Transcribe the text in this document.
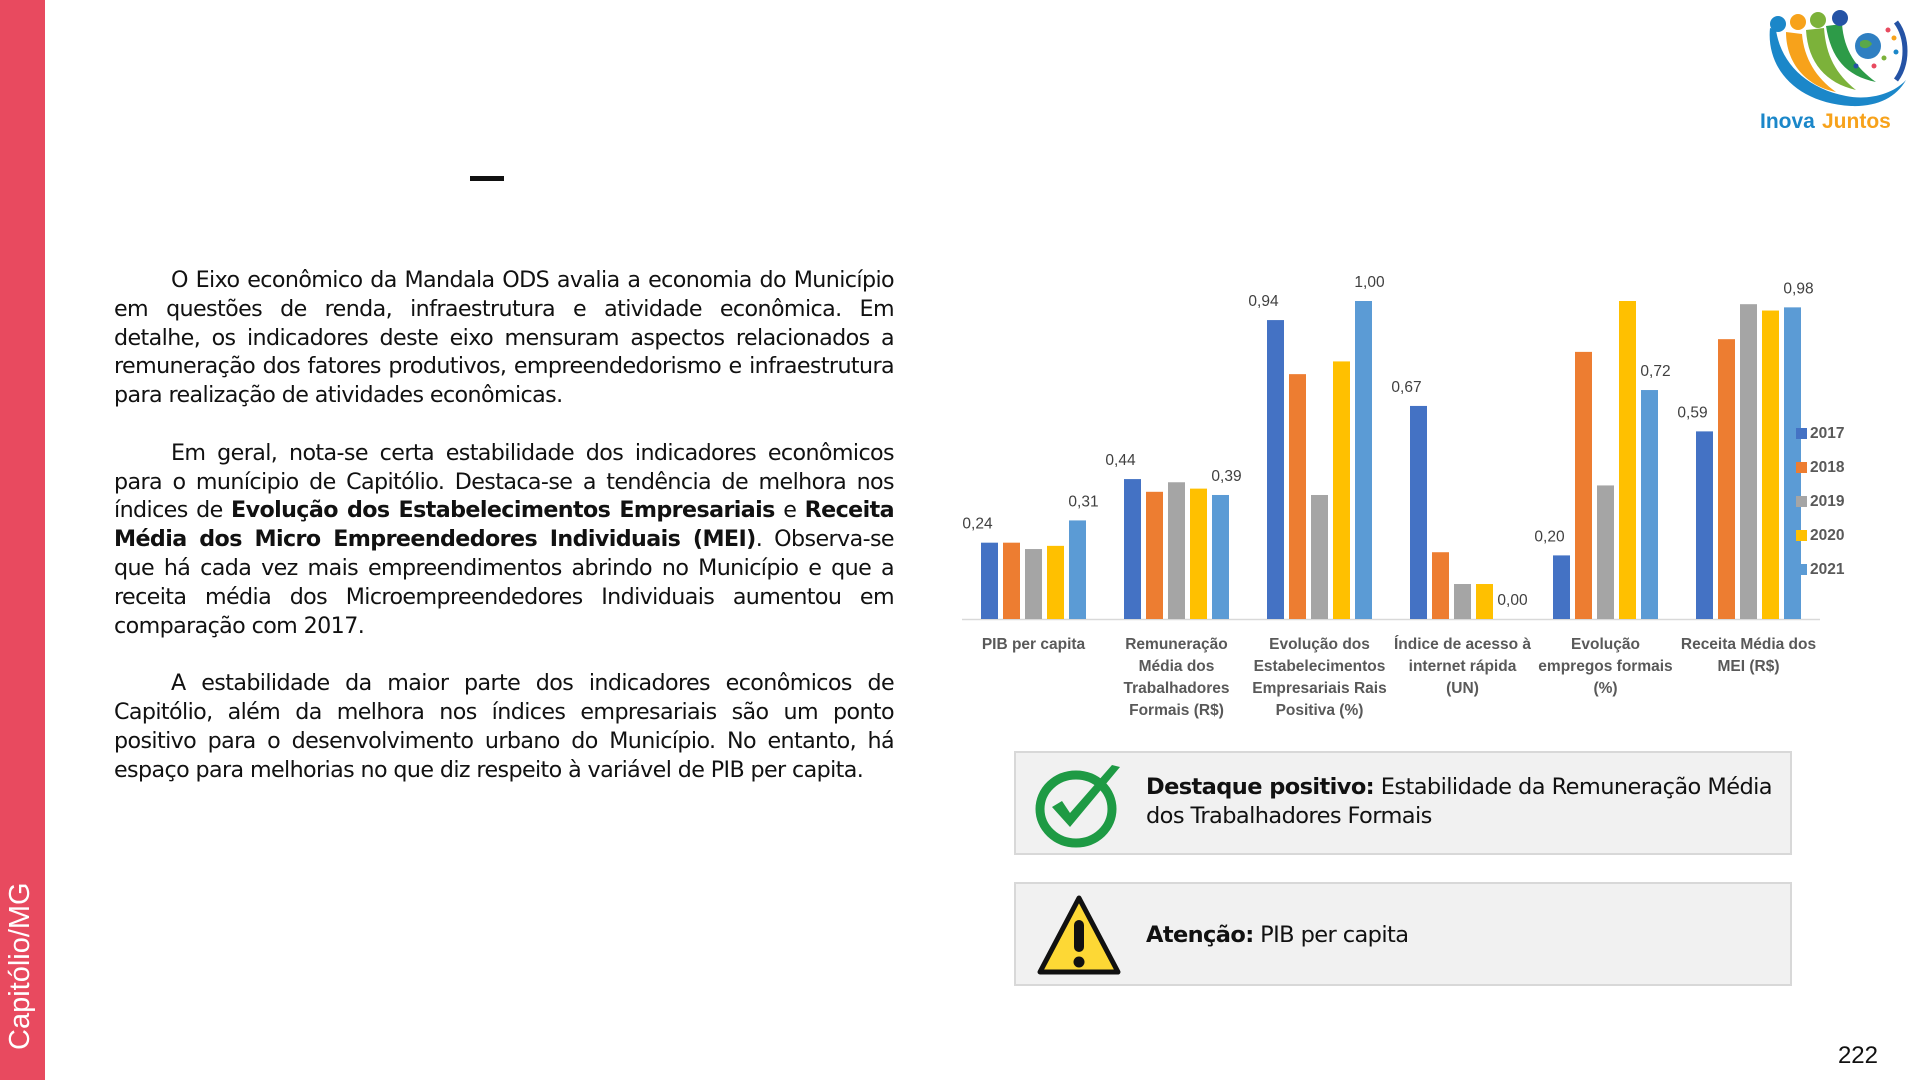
Capitólio/MG
Inova Juntos

O Eixo econômico da Mandala ODS avalia a economia do Município em questões de renda, infraestrutura e atividade econômica. Em detalhe, os indicadores deste eixo mensuram aspectos relacionados a remuneração dos fatores produtivos, empreendedorismo e infraestrutura para realização de atividades econômicas.

Em geral, nota-se certa estabilidade dos indicadores econômicos para o munícipio de Capitólio. Destaca-se a tendência de melhora nos índices de Evolução dos Estabelecimentos Empresariais e Receita Média dos Micro Empreendedores Individuais (MEI). Observa-se que há cada vez mais empreendimentos abrindo no Município e que a receita média dos Microempreendedores Individuais aumentou em comparação com 2017.

A estabilidade da maior parte dos indicadores econômicos de Capitólio, além da melhora nos índices empresariais são um ponto positivo para o desenvolvimento urbano do Município. No entanto, há espaço para melhorias no que diz respeito à variável de PIB per capita.

PIB per capita	Remuneração
Média dos
Trabalhadores
Formais (R$)
Evolução dos
Estabelecimentos
Empresariais Rais
Positiva (%)
Índice de acesso à
internet rápida
(UN)
Evolução
empregos formais
(%)
Receita Média dos
MEI (R$)
0,24
0,31
0,44
0,39
0,94
1,00
0,67
0,00
0,20
0,72
0,59
0,98
2017
2018
2019
2020
2021
Destaque positivo: Estabilidade da Remuneração Média dos Trabalhadores Formais
Atenção: PIB per capita
222
